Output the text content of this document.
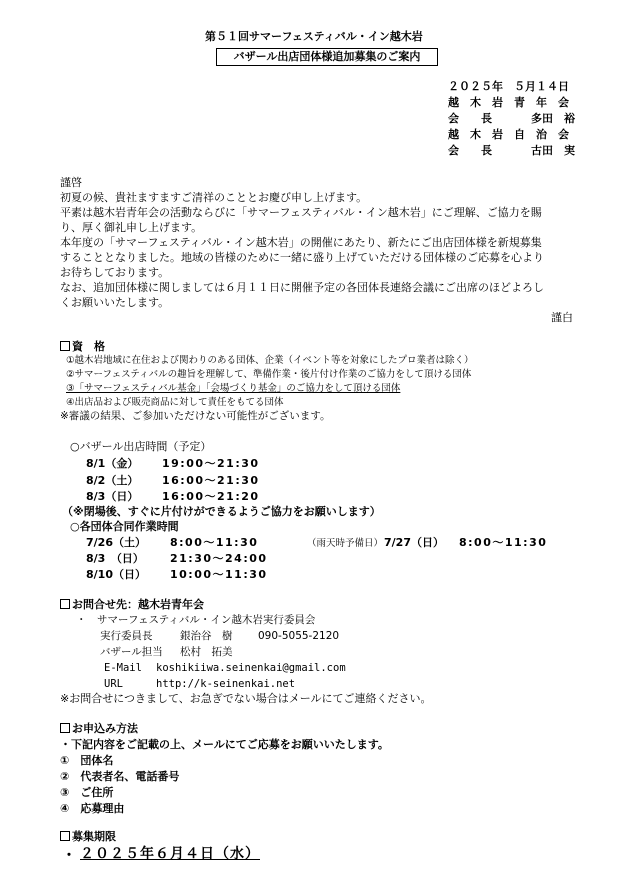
第５１回サマーフェスティバル・イン越木岩
バザール出店団体様追加募集のご案内
２０２５年　５月１４日
越　木　岩　青　年　会
会　　長	多田　裕
越　木　岩　自　治　会
会　　長	古田　実
謹啓
初夏の候、貴社ますますご清祥のこととお慶び申し上げます。
平素は越木岩青年会の活動ならびに「サマーフェスティバル・イン越木岩」にご理解、ご協力を賜
り、厚く御礼申し上げます。
本年度の「サマーフェスティバル・イン越木岩」の開催にあたり、新たにご出店団体様を新規募集
することとなりました。地域の皆様のために一緒に盛り上げていただける団体様のご応募を心より
お待ちしております。
なお、追加団体様に関しましては６月１１日に開催予定の各団体長連絡会議にご出席のほどよろし
くお願いいたします。
謹白
資　格
①越木岩地域に在住および関わりのある団体、企業（イベント等を対象にしたプロ業者は除く）
②サマーフェスティバルの趣旨を理解して、準備作業・後片付け作業のご協力をして頂ける団体
③「サマーフェスティバル基金」「会場づくり基金」のご協力をして頂ける団体
④出店品および販売商品に対して責任をもてる団体
※審議の結果、ご参加いただけない可能性がございます。
○バザール出店時間（予定）
8/1（金） 19:00～21:30
8/2（土） 16:00～21:30
8/3（日） 16:00～21:20
（※閉場後、すぐに片付けができるようご協力をお願いします）
○各団体合同作業時間
7/26（土） 8:00～11:30	（雨天時予備日） 7/27（日） 8:00～11:30
8/3　（日） 21:30～24:00
8/10（日） 10:00～11:30
お問合せ先：越木岩青年会
・　サマーフェスティバル・イン越木岩実行委員会
実行委員長	銀治谷　樹 090-5055-2120
バザール担当 松村　拓美
E-Mail koshikiiwa.seinenkai@gmail.com
URL	http://k-seinenkai.net
※お問合せにつきまして、お急ぎでない場合はメールにてご連絡ください。
お申込み方法
・下記内容をご記載の上、メールにてご応募をお願いいたします。
①　団体名
②　代表者名、電話番号
③　ご住所
④　応募理由
募集期限
・ ２０２５年６月４日（水）
